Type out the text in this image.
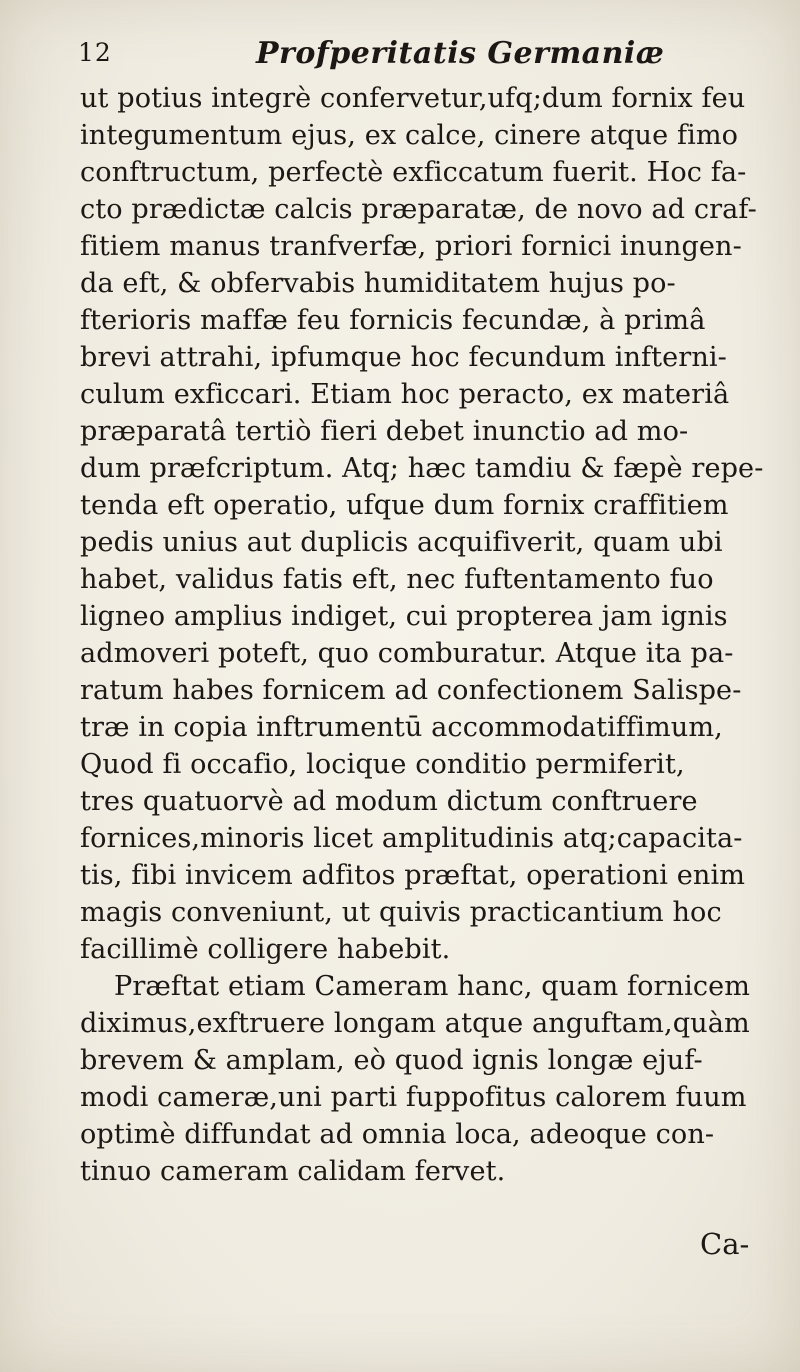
12	Profperitatis Germaniæ
ut potius integrè confervetur,ufq;dum fornix feu
integumentum ejus, ex calce, cinere atque fimo
conftructum, perfectè exficcatum fuerit. Hoc fa-
cto prædictæ calcis præparatæ, de novo ad craf-
fitiem manus tranfverfæ, priori fornici inungen-
da eft, & obfervabis humiditatem hujus po-
fterioris maffæ feu fornicis fecundæ, à primâ
brevi attrahi, ipfumque hoc fecundum infterni-
culum exficcari. Etiam hoc peracto, ex materiâ
præparatâ tertiò fieri debet inunctio ad mo-
dum præfcriptum. Atq; hæc tamdiu & fæpè repe-
tenda eft operatio, ufque dum fornix craffitiem
pedis unius aut duplicis acquifiverit, quam ubi
habet, validus fatis eft, nec fuftentamento fuo
ligneo amplius indiget, cui propterea jam ignis
admoveri poteft, quo comburatur. Atque ita pa-
ratum habes fornicem ad confectionem Salispe-
træ in copia inftrumentū accommodatiffimum,
Quod fi occafio, locique conditio permiferit,
tres quatuorvè ad modum dictum conftruere
fornices,minoris licet amplitudinis atq;capacita-
tis, fibi invicem adfitos præftat, operationi enim
magis conveniunt, ut quivis practicantium hoc
facillimè colligere habebit.
Præftat etiam Cameram hanc, quam fornicem
diximus,exftruere longam atque anguftam,quàm
brevem & amplam, eò quod ignis longæ ejuf-
modi cameræ,uni parti fuppofitus calorem fuum
optimè diffundat ad omnia loca, adeoque con-
tinuo cameram calidam fervet.
Ca-
